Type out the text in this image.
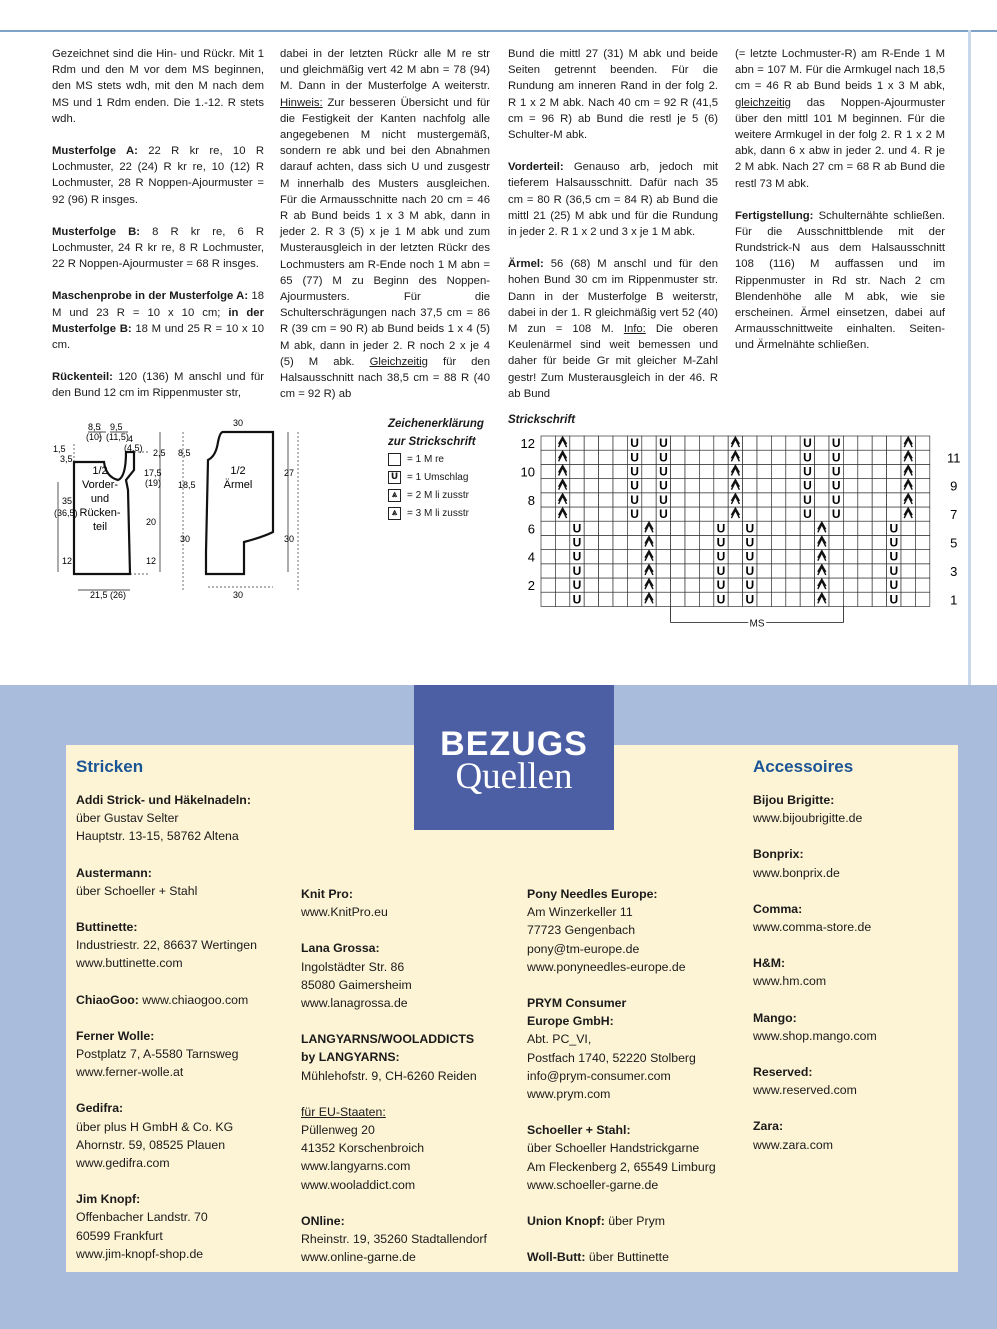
Gezeichnet sind die Hin- und Rückr. Mit 1 Rdm und den M vor dem MS beginnen, den MS stets wdh, mit den M nach dem MS und 1 Rdm enden. Die 1.-12. R stets wdh.

Musterfolge A: 22 R kr re, 10 R Lochmuster, 22 (24) R kr re, 10 (12) R Lochmuster, 28 R Noppen-Ajourmuster = 92 (96) R insges.

Musterfolge B: 8 R kr re, 6 R Lochmuster, 24 R kr re, 8 R Lochmuster, 22 R Noppen-Ajourmuster = 68 R insges.

Maschenprobe in der Musterfolge A: 18 M und 23 R = 10 x 10 cm; in der Musterfolge B: 18 M und 25 R = 10 x 10 cm.

Rückenteil: 120 (136) M anschl und für den Bund 12 cm im Rippenmuster str,

dabei in der letzten Rückr alle M re str und gleichmäßig vert 42 M abn = 78 (94) M. Dann in der Musterfolge A weiterstr. Hinweis: Zur besseren Übersicht und für die Festigkeit der Kanten nachfolg alle angegebenen M nicht mustergemäß, sondern re abk und bei den Abnahmen darauf achten, dass sich U und zusgestr M innerhalb des Musters ausgleichen. Für die Armausschnitte nach 20 cm = 46 R ab Bund beids 1 x 3 M abk, dann in jeder 2. R 3 (5) x je 1 M abk und zum Musterausgleich in der letzten Rückr des Lochmusters am R-Ende noch 1 M abn = 65 (77) M zu Beginn des Noppen-Ajourmusters. Für die Schulterschrägungen nach 37,5 cm = 86 R (39 cm = 90 R) ab Bund beids 1 x 4 (5) M abk, dann in jeder 2. R noch 2 x je 4 (5) M abk. Gleichzeitig für den Halsausschnitt nach 38,5 cm = 88 R (40 cm = 92 R) ab

Bund die mittl 27 (31) M abk und beide Seiten getrennt beenden. Für die Rundung am inneren Rand in der folg 2. R 1 x 2 M abk. Nach 40 cm = 92 R (41,5 cm = 96 R) ab Bund die restl je 5 (6) Schulter-M abk.

Vorderteil: Genauso arb, jedoch mit tieferem Halsausschnitt. Dafür nach 35 cm = 80 R (36,5 cm = 84 R) ab Bund die mittl 21 (25) M abk und für die Rundung in jeder 2. R 1 x 2 und 3 x je 1 M abk.

Ärmel: 56 (68) M anschl und für den hohen Bund 30 cm im Rippenmuster str. Dann in der Musterfolge B weiterstr, dabei in der 1. R gleichmäßig vert 52 (40) M zun = 108 M. Info: Die oberen Keulenärmel sind weit bemessen und daher für beide Gr mit gleicher M-Zahl gestr! Zum Musterausgleich in der 46. R ab Bund

(= letzte Lochmuster-R) am R-Ende 1 M abn = 107 M. Für die Armkugel nach 18,5 cm = 46 R ab Bund beids 1 x 3 M abk, gleichzeitig das Noppen-Ajourmuster über den mittl 101 M beginnen. Für die weitere Armkugel in der folg 2. R 1 x 2 M abk, dann 6 x abw in jeder 2. und 4. R je 2 M abk. Nach 27 cm = 68 R ab Bund die restl 73 M abk.

Fertigstellung: Schulternähte schließen. Für die Ausschnittblende mit der Rundstrick-N aus dem Halsausschnitt 108 (116) M auffassen und im Rippenmuster in Rd str. Nach 2 cm Blendenhöhe alle M abk, wie sie erscheinen. Ärmel einsetzen, dabei auf Armausschnittweite einhalten. Seiten- und Ärmelnähte schließen.

1/2 Vorder-und Rücken-teil
1/2 Ärmel
8,5
(10)
9,5
(11,5) 4
(4,5)
1,5
3,5
2,5
17,5
(19)
35
(36,5)
20
12	12
21,5 (26)
8,5
18,5
30
30
27
30
30
Zeichenerklärung
zur Strickschrift
= 1 M re
U = 1 Umschlag
⩓ = 2 M li zusstr
⩓ = 3 M li zusstr
Strickschrift
U
U
U
U
U
U
U
U
U
U
U
U
U
U
U
U
U
U
U
U
U
U
U
U
U
U
U
U
U
U
U
U
U
U
U
U
U
U
U
U
U
U
U
U
U
U
U
U
2
4
6
8
10
12
1
3
5
7
9
11
MS
BEZUGS
Quellen
Stricken	Accessoires
Addi Strick- und Häkelnadeln:
über Gustav Selter
Hauptstr. 13-15, 58762 Altena
Austermann:
über Schoeller + Stahl
Buttinette:
Industriestr. 22, 86637 Wertingen
www.buttinette.com
ChiaoGoo: www.chiaogoo.com
Ferner Wolle:
Postplatz 7, A-5580 Tarnsweg
www.ferner-wolle.at
Gedifra:
über plus H GmbH & Co. KG
Ahornstr. 59, 08525 Plauen
www.gedifra.com
Jim Knopf:
Offenbacher Landstr. 70
60599 Frankfurt
www.jim-knopf-shop.de
Knit Pro:
www.KnitPro.eu
Lana Grossa:
Ingolstädter Str. 86
85080 Gaimersheim
www.lanagrossa.de
LANGYARNS/WOOLADDICTS
by LANGYARNS:
Mühlehofstr. 9, CH-6260 Reiden
für EU-Staaten:
Püllenweg 20
41352 Korschenbroich
www.langyarns.com
www.wooladdict.com
ONline:
Rheinstr. 19, 35260 Stadtallendorf
www.online-garne.de
Pony Needles Europe:
Am Winzerkeller 11
77723 Gengenbach
pony@tm-europe.de
www.ponyneedles-europe.de
PRYM Consumer
Europe GmbH:
Abt. PC_VI,
Postfach 1740, 52220 Stolberg
info@prym-consumer.com
www.prym.com
Schoeller + Stahl:
über Schoeller Handstrickgarne
Am Fleckenberg 2, 65549 Limburg
www.schoeller-garne.de
Union Knopf: über Prym
Woll-Butt: über Buttinette
Bijou Brigitte:
www.bijoubrigitte.de
Bonprix:
www.bonprix.de
Comma:
www.comma-store.de
H&M:
www.hm.com
Mango:
www.shop.mango.com
Reserved:
www.reserved.com
Zara:
www.zara.com
